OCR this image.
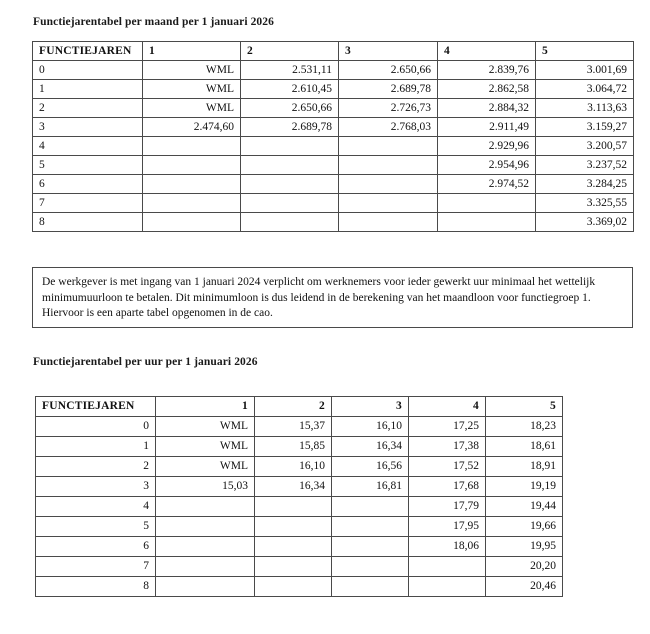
Functiejarentabel per maand per 1 januari 2026
FUNCTIEJAREN	1	2	3	4	5
0	WML	2.531,11	2.650,66	2.839,76	3.001,69
1	WML	2.610,45	2.689,78	2.862,58	3.064,72
2	WML	2.650,66	2.726,73	2.884,32	3.113,63
3	2.474,60	2.689,78	2.768,03	2.911,49	3.159,27
4				2.929,96	3.200,57
5				2.954,96	3.237,52
6				2.974,52	3.284,25
7					3.325,55
8					3.369,02

De werkgever is met ingang van 1 januari 2024 verplicht om werknemers voor ieder gewerkt uur minimaal het wettelijk minimumuurloon te betalen. Dit minimumloon is dus leidend in de berekening van het maandloon voor functiegroep 1. Hiervoor is een aparte tabel opgenomen in de cao.

Functiejarentabel per uur per 1 januari 2026
FUNCTIEJAREN	1	2	3	4	5
0	WML	15,37	16,10	17,25	18,23
1	WML	15,85	16,34	17,38	18,61
2	WML	16,10	16,56	17,52	18,91
3	15,03	16,34	16,81	17,68	19,19
4				17,79	19,44
5				17,95	19,66
6				18,06	19,95
7					20,20
8					20,46
